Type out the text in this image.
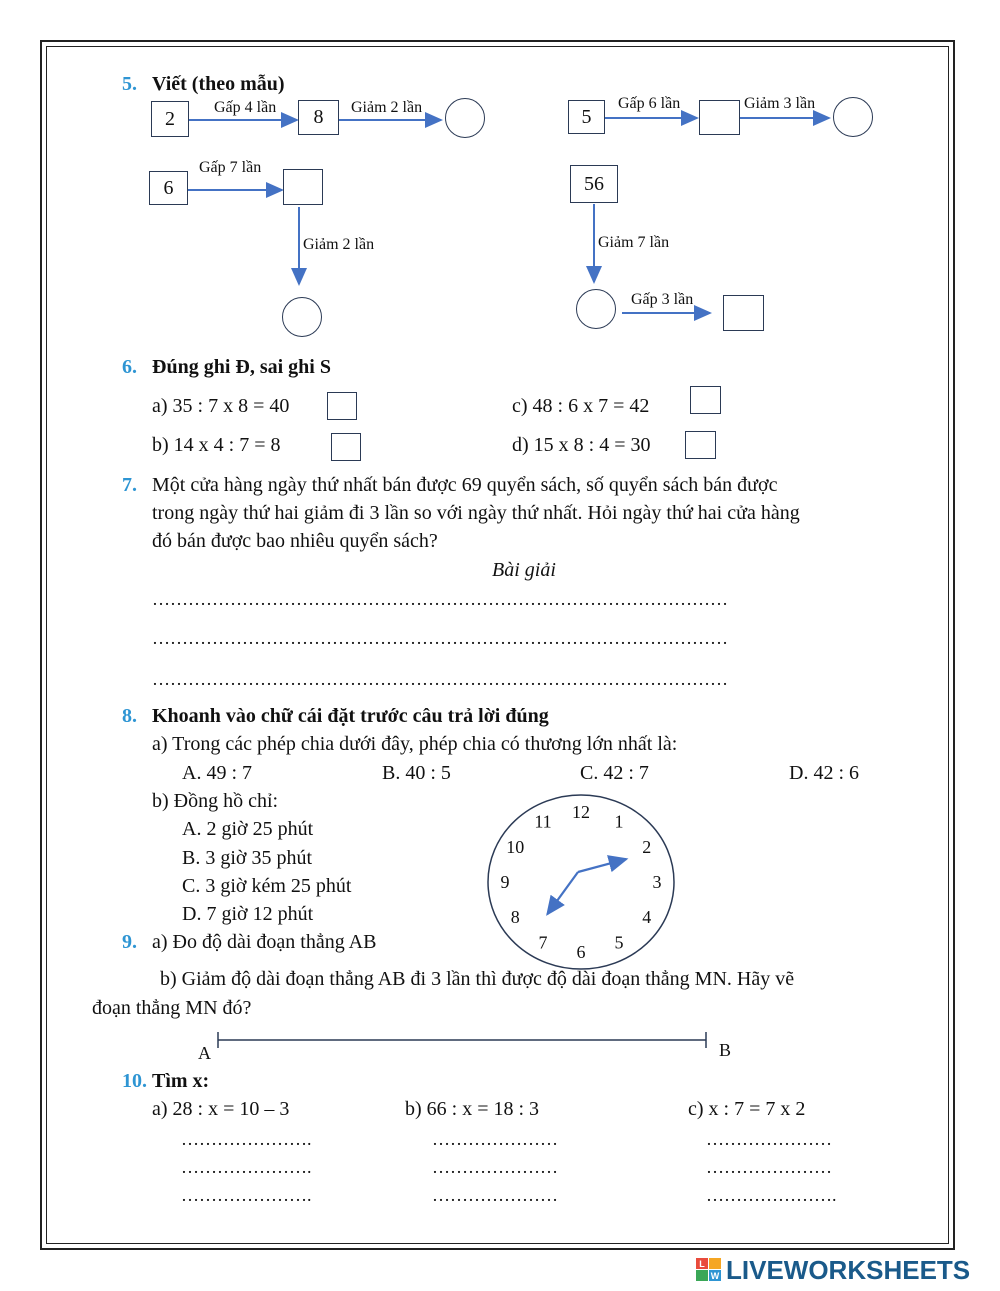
5. Viết (theo mẫu)
2	Gấp 4 lần	8	Giảm 2 lần	5
Gấp 6 lần	Giảm 3 lần
6
Gấp 7 lần
Giảm 2 lần
56
Giảm 7 lần
Gấp 3 lần
6. Đúng ghi Đ, sai ghi S
a) 35 : 7 x 8 = 40
b) 14 x 4 : 7 = 8
c) 48 : 6 x 7 = 42
d) 15 x 8 : 4 = 30
7. Một cửa hàng ngày thứ nhất bán được 69 quyển sách, số quyển sách bán được
trong ngày thứ hai giảm đi 3 lần so với ngày thứ nhất. Hỏi ngày thứ hai cửa hàng
đó bán được bao nhiêu quyển sách?
Bài giải
……………………………………………………………………………………
……………………………………………………………………………………
……………………………………………………………………………………
8. Khoanh vào chữ cái đặt trước câu trả lời đúng
a) Trong các phép chia dưới đây, phép chia có thương lớn nhất là:
A. 49 : 7	B. 40 : 5	C. 42 : 7	D. 42 : 6
b) Đồng hồ chỉ:
A. 2 giờ 25 phút
B. 3 giờ 35 phút
C. 3 giờ kém 25 phút
D. 7 giờ 12 phút
12 1
2
3
4
5
6
7
8
9
10
11
9. a) Đo độ dài đoạn thẳng AB
b) Giảm độ dài đoạn thẳng AB đi 3 lần thì được độ dài đoạn thẳng MN. Hãy vẽ
đoạn thẳng MN đó?
A	B
10. Tìm x:
a) 28 : x = 10 – 3	b) 66 : x = 18 : 3	c) x : 7 = 7 x 2
………………….
………………….
………………….
…………………
…………………
…………………
…………………
…………………
………………….
L
W LIVEWORKSHEETS
